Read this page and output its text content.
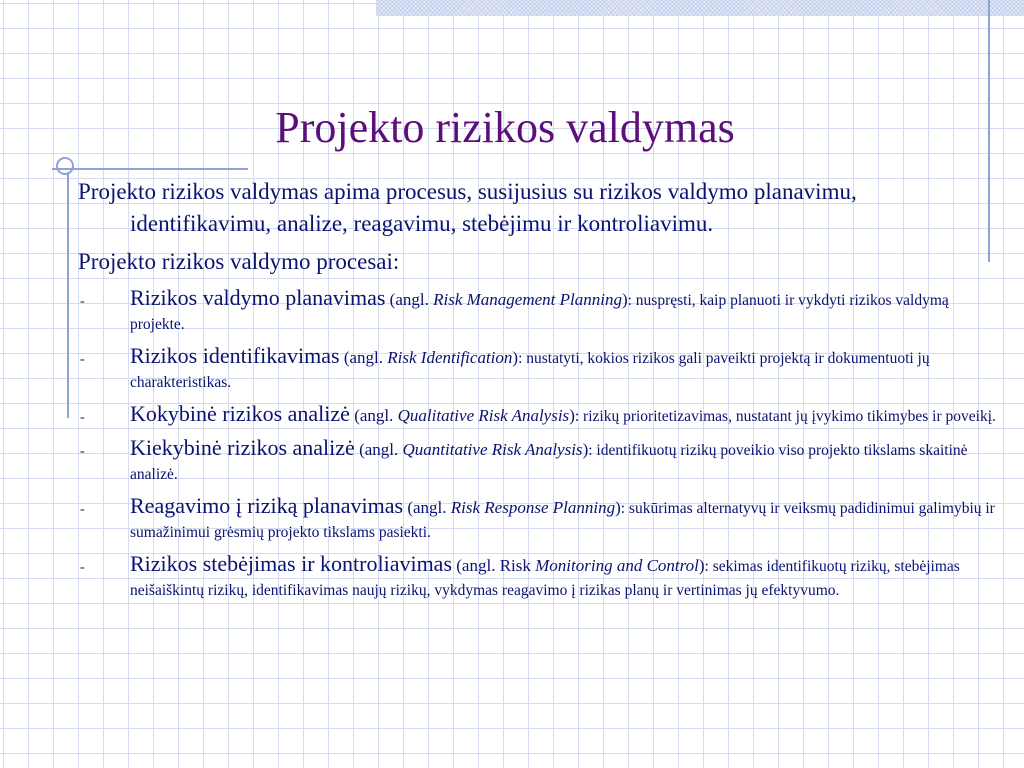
Projekto rizikos valdymas

Projekto rizikos valdymas apima procesus, susijusius su rizikos valdymo planavimu, identifikavimu, analize, reagavimu, stebėjimu ir kontroliavimu.

Projekto rizikos valdymo procesai:

- Rizikos valdymo planavimas (angl. Risk Management Planning): nuspręsti, kaip planuoti ir vykdyti rizikos valdymą projekte.
- Rizikos identifikavimas (angl. Risk Identification): nustatyti, kokios rizikos gali paveikti projektą ir dokumentuoti jų charakteristikas.
- Kokybinė rizikos analizė (angl. Qualitative Risk Analysis): rizikų prioritetizavimas, nustatant jų įvykimo tikimybes ir poveikį.
- Kiekybinė rizikos analizė (angl. Quantitative Risk Analysis): identifikuotų rizikų poveikio viso projekto tikslams skaitinė analizė.
- Reagavimo į riziką planavimas (angl. Risk Response Planning): sukūrimas alternatyvų ir veiksmų padidinimui galimybių ir sumažinimui grėsmių projekto tikslams pasiekti.
- Rizikos stebėjimas ir kontroliavimas (angl. Risk Monitoring and Control): sekimas identifikuotų rizikų, stebėjimas neišaiškintų rizikų, identifikavimas naujų rizikų, vykdymas reagavimo į rizikas planų ir vertinimas jų efektyvumo.
